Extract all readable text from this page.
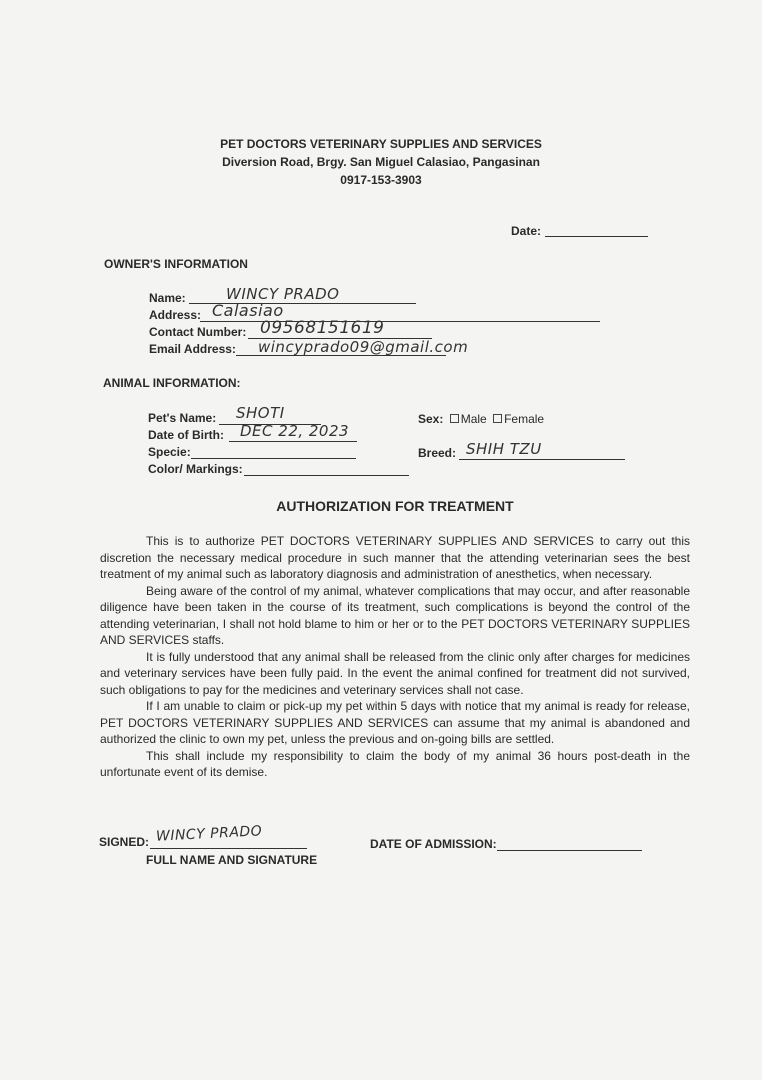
PET DOCTORS VETERINARY SUPPLIES AND SERVICES
Diversion Road, Brgy. San Miguel Calasiao, Pangasinan
0917-153-3903
Date:
OWNER'S INFORMATION
Name:	WINCY PRADO
Address: Calasiao
Contact Number: 09568151619
Email Address: wincyprado09@gmail.com
ANIMAL INFORMATION:
Pet's Name: SHOTI
Date of Birth: DEC 22, 2023
Specie:
Color/ Markings:
Sex: Male Female
Breed: SHIH TZU
AUTHORIZATION FOR TREATMENT

This is to authorize PET DOCTORS VETERINARY SUPPLIES AND SERVICES to carry out this discretion the necessary medical procedure in such manner that the attending veterinarian sees the best treatment of my animal such as laboratory diagnosis and administration of anesthetics, when necessary.

Being aware of the control of my animal, whatever complications that may occur, and after reasonable diligence have been taken in the course of its treatment, such complications is beyond the control of the attending veterinarian, I shall not hold blame to him or her or to the PET DOCTORS VETERINARY SUPPLIES AND SERVICES staffs.

It is fully understood that any animal shall be released from the clinic only after charges for medicines and veterinary services have been fully paid. In the event the animal confined for treatment did not survived, such obligations to pay for the medicines and veterinary services shall not case.

If I am unable to claim or pick-up my pet within 5 days with notice that my animal is ready for release, PET DOCTORS VETERINARY SUPPLIES AND SERVICES can assume that my animal is abandoned and authorized the clinic to own my pet, unless the previous and on-going bills are settled.

This shall include my responsibility to claim the body of my animal 36 hours post-death in the unfortunate event of its demise.

SIGNED: WINCY PRADO
FULL NAME AND SIGNATURE
DATE OF ADMISSION:
